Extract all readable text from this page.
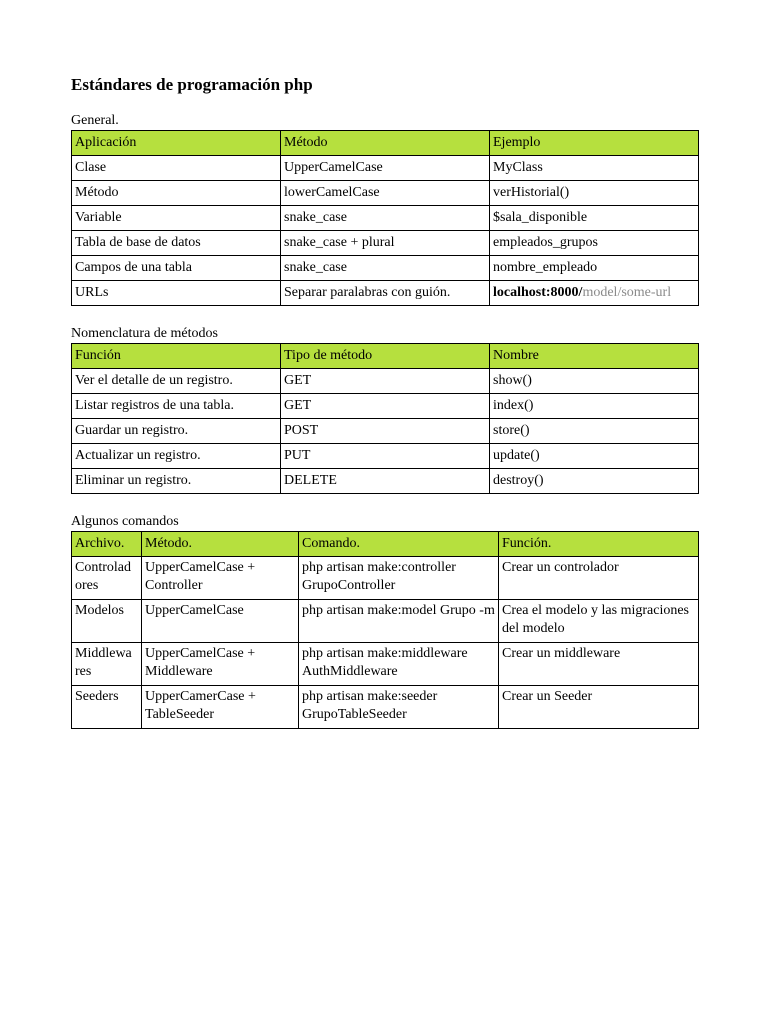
Estándares de programación php

General.

Aplicación	Método	Ejemplo
Clase	UpperCamelCase	MyClass
Método	lowerCamelCase	verHistorial()
Variable	snake_case	$sala_disponible
Tabla de base de datos	snake_case + plural	empleados_grupos
Campos de una tabla	snake_case	nombre_empleado
URLs	Separar paralabras con guión.	localhost:8000/model/some-url

Nomenclatura de métodos

Función	Tipo de método	Nombre
Ver el detalle de un registro.	GET	show()
Listar registros de una tabla.	GET	index()
Guardar un registro.	POST	store()
Actualizar un registro.	PUT	update()
Eliminar un registro.	DELETE	destroy()

Algunos comandos

Archivo.	Método.	Comando.	Función.
Controlad ores	UpperCamelCase + Controller	php artisan make:controller GrupoController	Crear un controlador
Modelos	UpperCamelCase	php artisan make:model Grupo -m	Crea el modelo y las migraciones del modelo
Middlewa res	UpperCamelCase + Middleware	php artisan make:middleware AuthMiddleware	Crear un middleware
Seeders	UpperCamerCase + TableSeeder	php artisan make:seeder GrupoTableSeeder	Crear un Seeder
